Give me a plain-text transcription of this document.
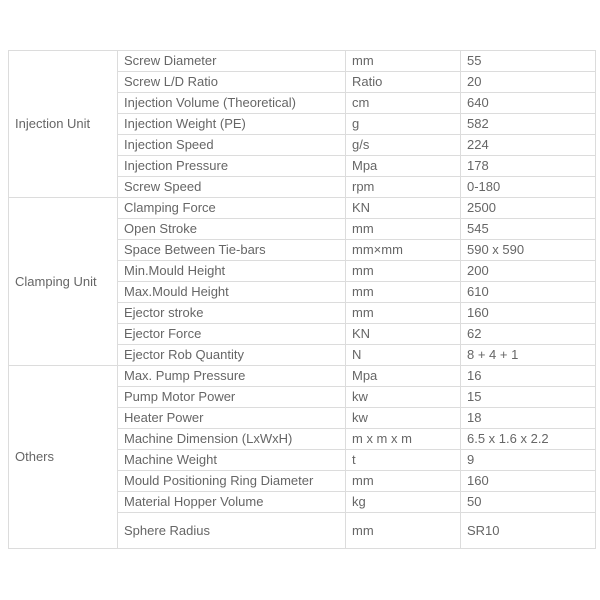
Injection Unit	Screw Diameter	mm	55
	Screw L/D Ratio	Ratio	20
	Injection Volume (Theoretical)	cm	640
	Injection Weight (PE)	g	582
	Injection Speed	g/s	224
	Injection Pressure	Mpa	178
	Screw Speed	rpm	0-180
Clamping Unit	Clamping Force	KN	2500
	Open Stroke	mm	545
	Space Between Tie-bars	mm×mm	590 x 590
	Min.Mould Height	mm	200
	Max.Mould Height	mm	610
	Ejector stroke	mm	160
	Ejector Force	KN	62
	Ejector Rob Quantity	N	8 + 4 + 1
Others	Max. Pump Pressure	Mpa	16
	Pump Motor Power	kw	15
	Heater Power	kw	18
	Machine Dimension (LxWxH)	m x m x m	6.5 x 1.6 x 2.2
	Machine Weight	t	9
	Mould Positioning Ring Diameter	mm	160
	Material Hopper Volume	kg	50
	Sphere Radius	mm	SR10
